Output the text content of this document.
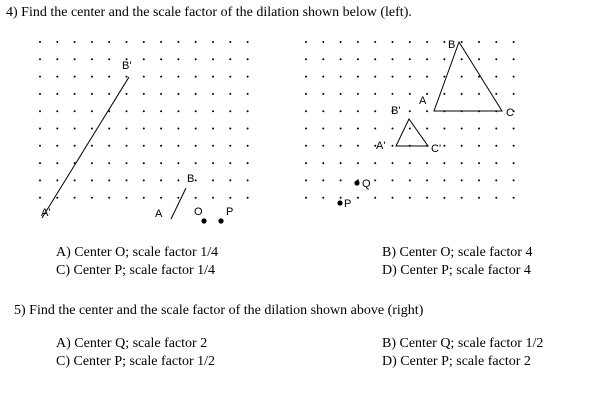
4) Find the center and the scale factor of the dilation shown below (left).
B'
A'
B
A	O P
B
A
C
B'
A'	C'
Q
P
A) Center O; scale factor 1/4	B) Center O; scale factor 4
C) Center P; scale factor 1/4	D) Center P; scale factor 4
5) Find the center and the scale factor of the dilation shown above (right)
A) Center Q; scale factor 2	B) Center Q; scale factor 1/2
C) Center P; scale factor 1/2	D) Center P; scale factor 2
